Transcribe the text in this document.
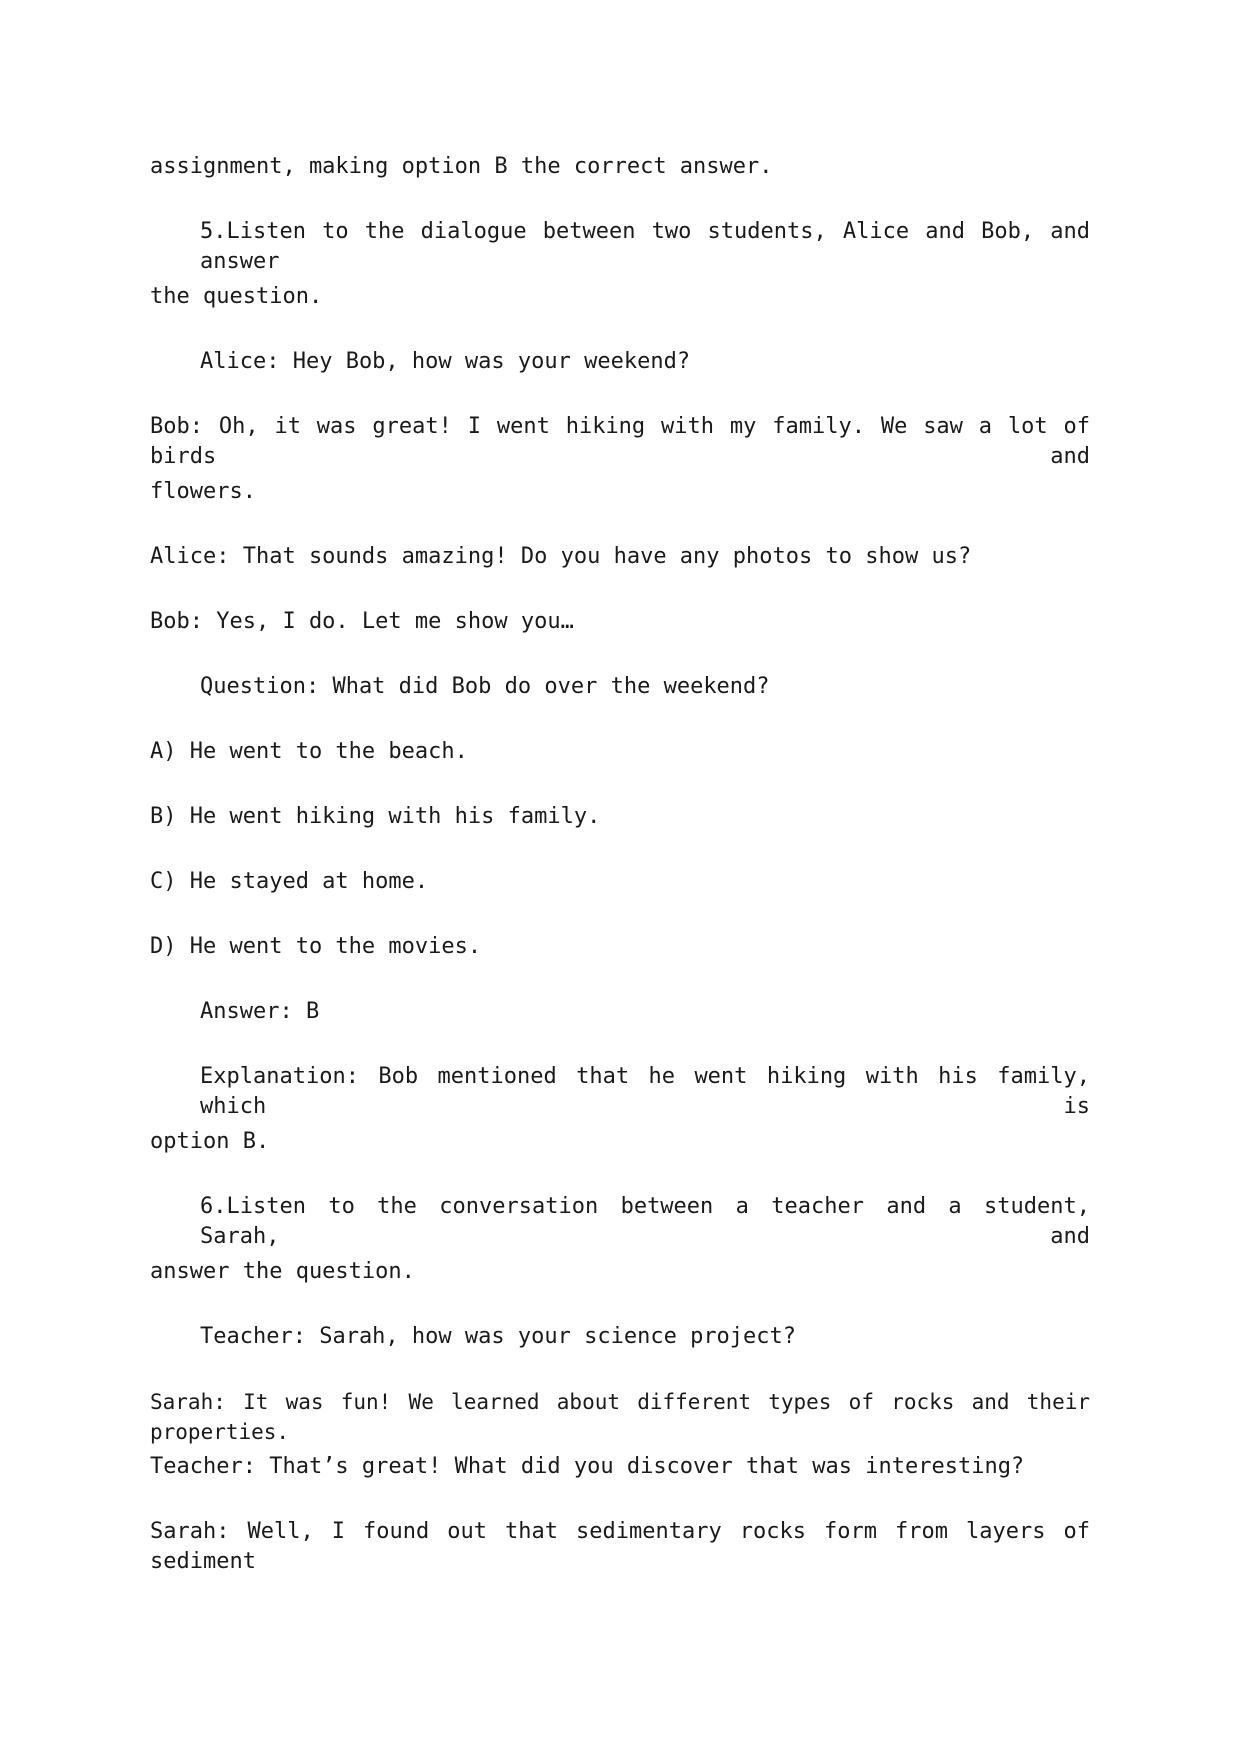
assignment, making option B the correct answer.
5.Listen to the dialogue between two students, Alice and Bob, and answer
the question.
Alice: Hey Bob, how was your weekend?
Bob: Oh, it was great! I went hiking with my family. We saw a lot of birds and
flowers.
Alice: That sounds amazing! Do you have any photos to show us?
Bob: Yes, I do. Let me show you…
Question: What did Bob do over the weekend?
A) He went to the beach.
B) He went hiking with his family.
C) He stayed at home.
D) He went to the movies.
Answer: B
Explanation: Bob mentioned that he went hiking with his family, which is
option B.
6.Listen to the conversation between a teacher and a student, Sarah, and
answer the question.
Teacher: Sarah, how was your science project?
Sarah: It was fun! We learned about different types of rocks and their properties.
Teacher: That’s great! What did you discover that was interesting?
Sarah: Well, I found out that sedimentary rocks form from layers of sediment
